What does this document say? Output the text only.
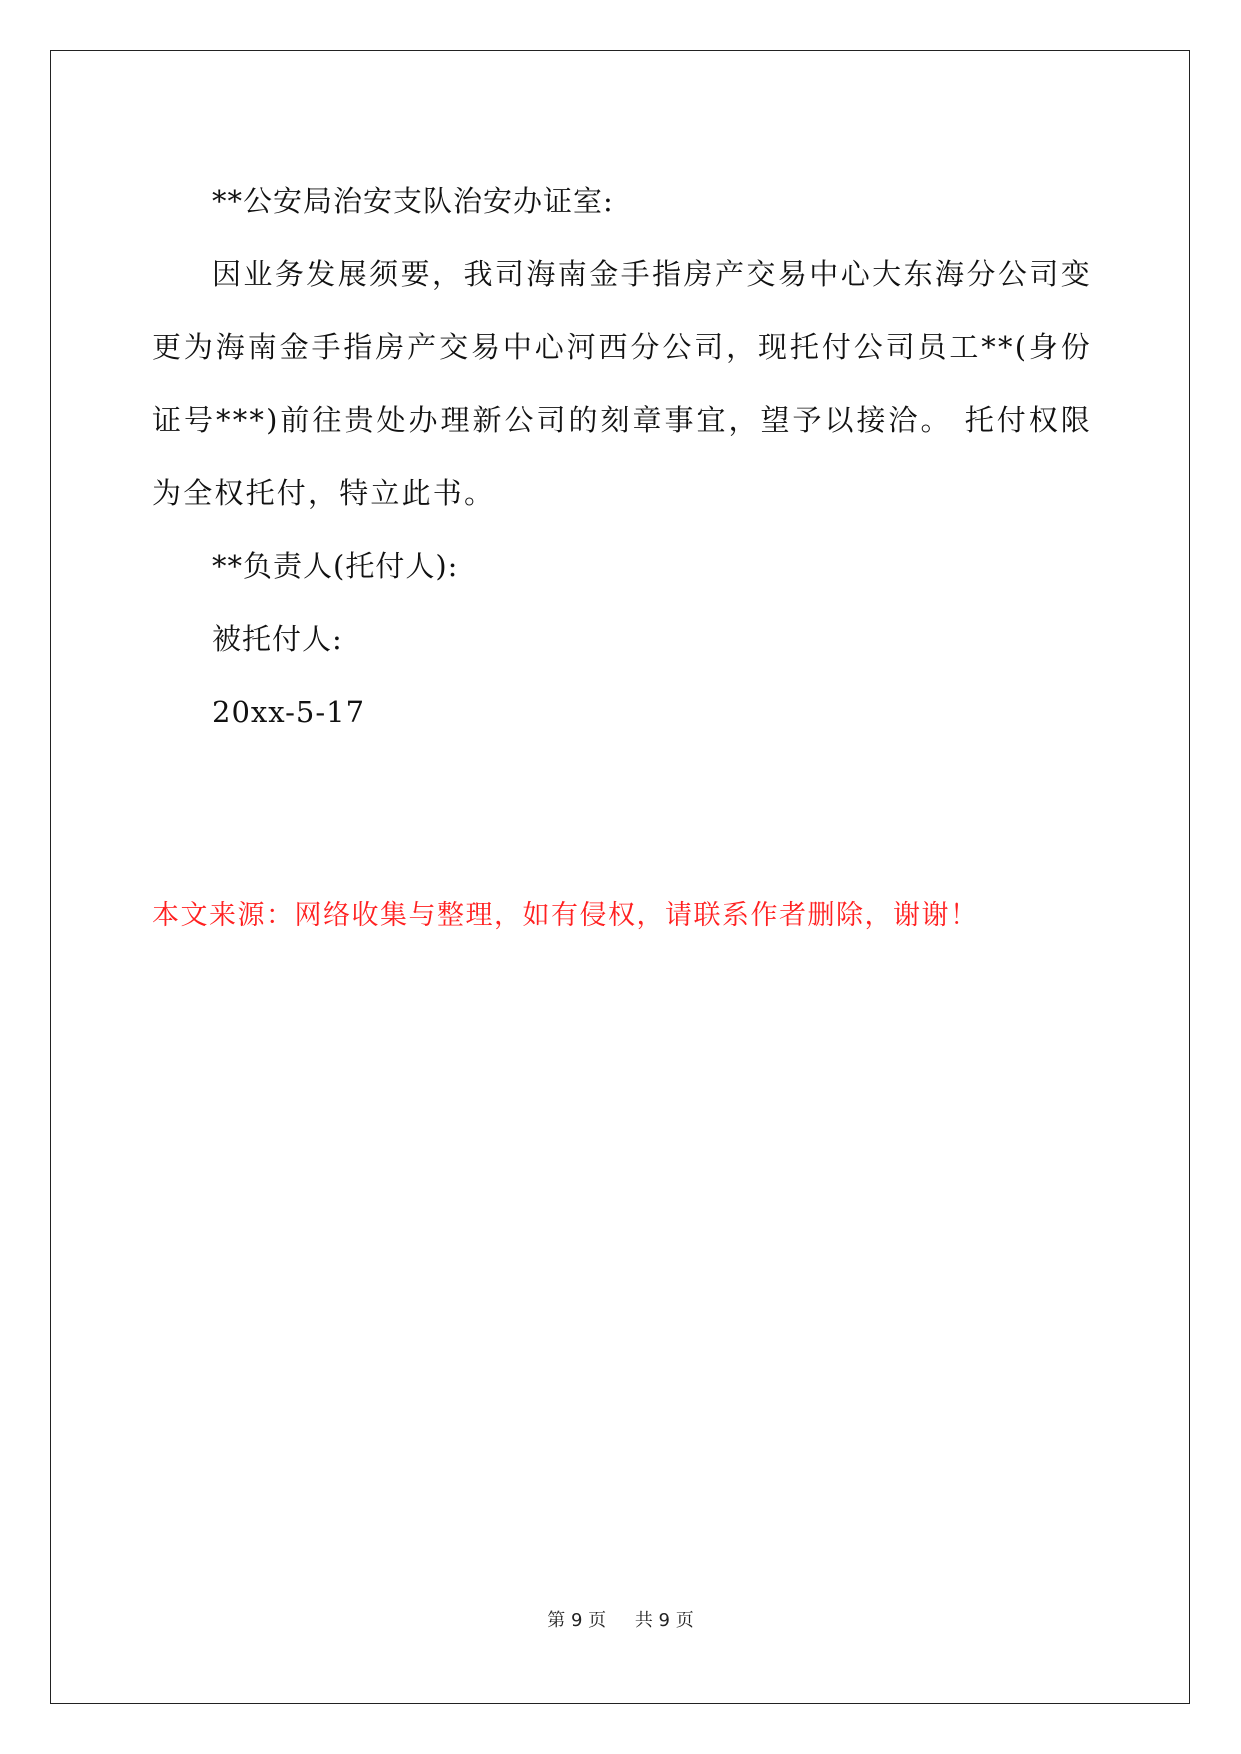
**公安局治安支队治安办证室:

因业务发展须要，我司海南金手指房产交易中心大东海分公司变更为海南金手指房产交易中心河西分公司，现托付公司员工**(身份证号***)前往贵处办理新公司的刻章事宜，望予以接洽。 托付权限为全权托付，特立此书。

**负责人(托付人):
被托付人:
20xx-5-17
本文来源：网络收集与整理，如有侵权，请联系作者删除，谢谢！
第 9 页 共 9 页
